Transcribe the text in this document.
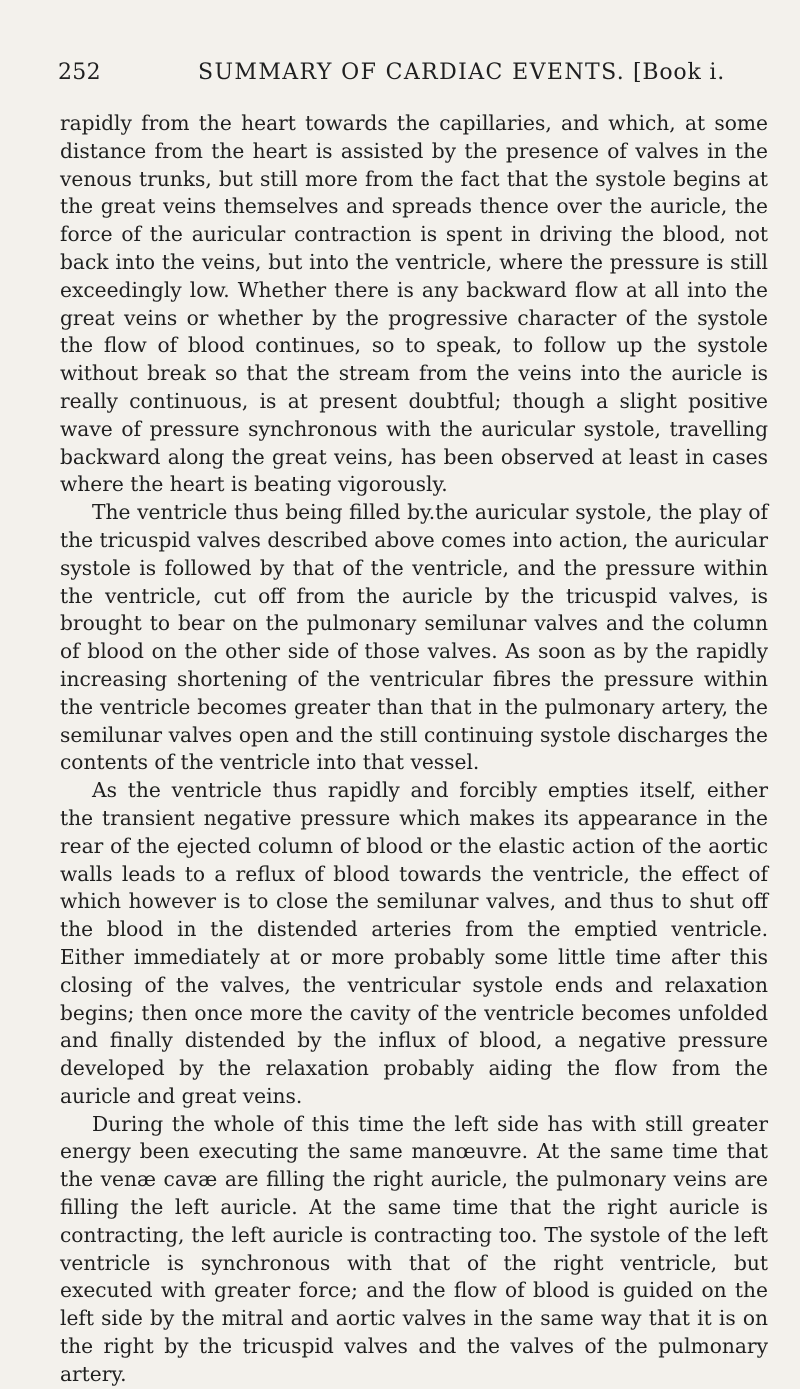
252	SUMMARY OF CARDIAC EVENTS. [Book i.

rapidly from the heart towards the capillaries, and which, at some distance from the heart is assisted by the presence of valves in the venous trunks, but still more from the fact that the systole begins at the great veins themselves and spreads thence over the auricle, the force of the auricular contraction is spent in driving the blood, not back into the veins, but into the ventricle, where the pressure is still exceedingly low. Whether there is any backward flow at all into the great veins or whether by the progressive character of the systole the flow of blood continues, so to speak, to follow up the systole without break so that the stream from the veins into the auricle is really continuous, is at present doubtful; though a slight positive wave of pressure synchronous with the auricular systole, travelling backward along the great veins, has been observed at least in cases where the heart is beating vigorously.

The ventricle thus being filled by.the auricular systole, the play of the tricuspid valves described above comes into action, the auricular systole is followed by that of the ventricle, and the pressure within the ventricle, cut off from the auricle by the tricuspid valves, is brought to bear on the pulmonary semilunar valves and the column of blood on the other side of those valves. As soon as by the rapidly increasing shortening of the ventricular fibres the pressure within the ventricle becomes greater than that in the pulmonary artery, the semilunar valves open and the still continuing systole discharges the contents of the ventricle into that vessel.

As the ventricle thus rapidly and forcibly empties itself, either the transient negative pressure which makes its appearance in the rear of the ejected column of blood or the elastic action of the aortic walls leads to a reflux of blood towards the ventricle, the effect of which however is to close the semilunar valves, and thus to shut off the blood in the distended arteries from the emptied ventricle. Either immediately at or more probably some little time after this closing of the valves, the ventricular systole ends and relaxation begins; then once more the cavity of the ventricle becomes unfolded and finally distended by the influx of blood, a negative pressure developed by the relaxation probably aiding the flow from the auricle and great veins.

During the whole of this time the left side has with still greater energy been executing the same manœuvre. At the same time that the venæ cavæ are filling the right auricle, the pulmonary veins are filling the left auricle. At the same time that the right auricle is contracting, the left auricle is contracting too. The systole of the left ventricle is synchronous with that of the right ventricle, but executed with greater force; and the flow of blood is guided on the left side by the mitral and aortic valves in the same way that it is on the right by the tricuspid valves and the valves of the pulmonary artery.
